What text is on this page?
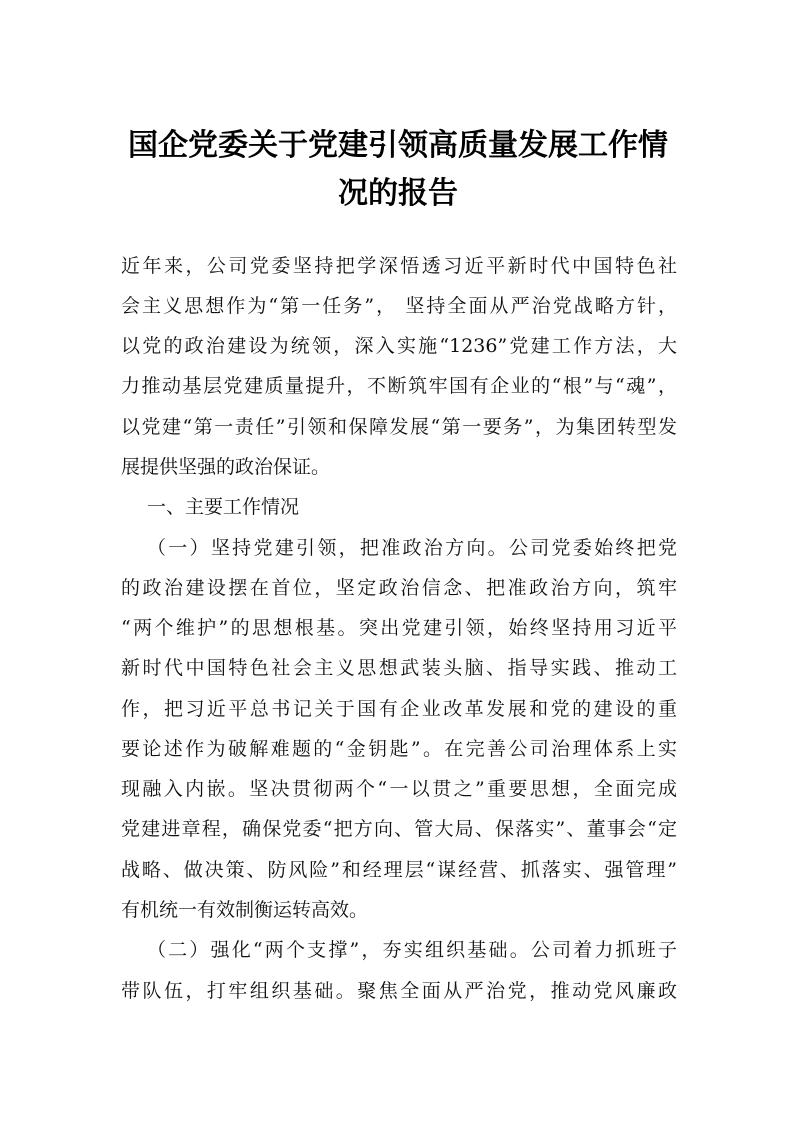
国企党委关于党建引领高质量发展工作情
况的报告

近年来，公司党委坚持把学深悟透习近平新时代中国特色社

会主义思想作为“第一任务”， 坚持全面从严治党战略方针，

以党的政治建设为统领，深入实施“1236”党建工作方法，大

力推动基层党建质量提升，不断筑牢国有企业的“根”与“魂”，

以党建“第一责任”引领和保障发展“第一要务”，为集团转型发

展提供坚强的政治保证。

一、主要工作情况

（一）坚持党建引领，把准政治方向。公司党委始终把党

的政治建设摆在首位，坚定政治信念、把准政治方向，筑牢

“两个维护”的思想根基。突出党建引领，始终坚持用习近平

新时代中国特色社会主义思想武装头脑、指导实践、推动工

作，把习近平总书记关于国有企业改革发展和党的建设的重

要论述作为破解难题的“金钥匙”。在完善公司治理体系上实

现融入内嵌。坚决贯彻两个“一以贯之”重要思想，全面完成

党建进章程，确保党委“把方向、管大局、保落实”、董事会“定

战略、做决策、防风险”和经理层“谋经营、抓落实、强管理”

有机统一有效制衡运转高效。

（二）强化“两个支撑”，夯实组织基础。公司着力抓班子

带队伍，打牢组织基础。聚焦全面从严治党，推动党风廉政
